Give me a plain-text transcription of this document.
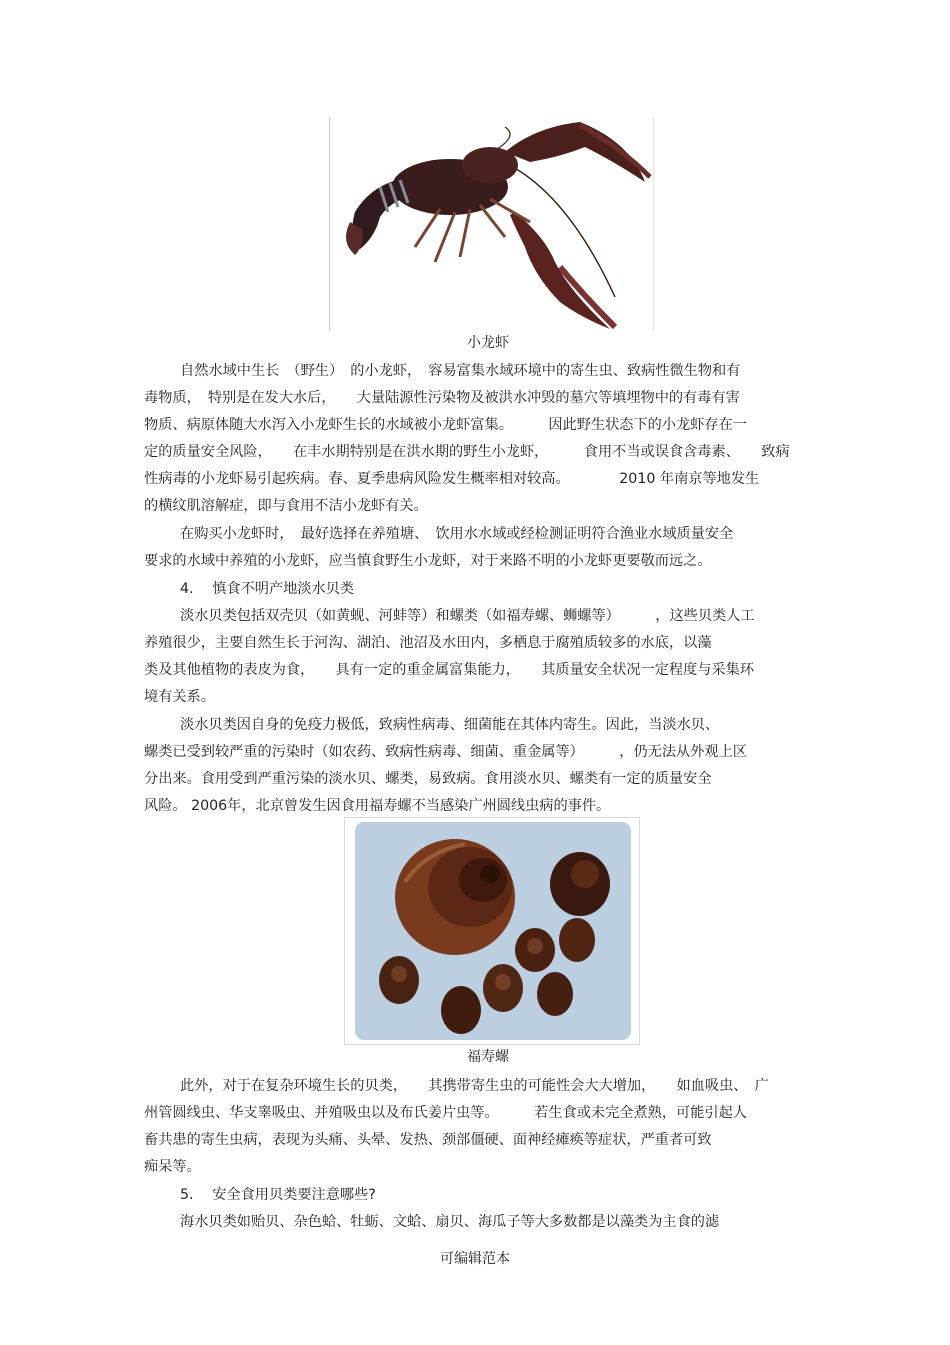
小龙虾
自然水域中生长　（野生）　的小龙虾，　容易富集水域环境中的寄生虫、致病性微生物和有
毒物质，　特别是在发大水后，　　大量陆源性污染物及被洪水冲毁的墓穴等填埋物中的有毒有害
物质、病原体随大水泻入小龙虾生长的水域被小龙虾富集。　　　因此野生状态下的小龙虾存在一
定的质量安全风险，　　在丰水期特别是在洪水期的野生小龙虾，　　　食用不当或误食含毒素、　　致病
性病毒的小龙虾易引起疾病。春、夏季患病风险发生概率相对较高。　　　　2010 年南京等地发生
的横纹肌溶解症，即与食用不洁小龙虾有关。
在购买小龙虾时，　最好选择在养殖塘、　饮用水水域或经检测证明符合渔业水域质量安全
要求的水域中养殖的小龙虾，应当慎食野生小龙虾，对于来路不明的小龙虾更要敬而远之。
4.　 慎食不明产地淡水贝类
淡水贝类包括双壳贝（如黄蚬、河蚌等）和螺类（如福寿螺、蛳螺等）　　　，这些贝类人工
养殖很少，主要自然生长于河沟、湖泊、池沼及水田内，多栖息于腐殖质较多的水底，以藻
类及其他植物的表皮为食，　　具有一定的重金属富集能力，　　其质量安全状况一定程度与采集环
境有关系。
淡水贝类因自身的免疫力极低，致病性病毒、细菌能在其体内寄生。因此，当淡水贝、
螺类已受到较严重的污染时（如农药、致病性病毒、细菌、重金属等）　　　，仍无法从外观上区
分出来。食用受到严重污染的淡水贝、螺类，易致病。食用淡水贝、螺类有一定的质量安全
风险。 2006年，北京曾发生因食用福寿螺不当感染广州圆线虫病的事件。
福寿螺
此外，对于在复杂环境生长的贝类，　　其携带寄生虫的可能性会大大增加，　　如血吸虫、　广
州管圆线虫、华支睾吸虫、并殖吸虫以及布氏姜片虫等。　　　若生食或未完全煮熟，可能引起人
畜共患的寄生虫病，表现为头痛、头晕、发热、颈部僵硬、面神经瘫痪等症状，严重者可致
痴呆等。
5.　 安全食用贝类要注意哪些?
海水贝类如贻贝、杂色蛤、牡蛎、文蛤、扇贝、海瓜子等大多数都是以藻类为主食的滤
可编辑范本
